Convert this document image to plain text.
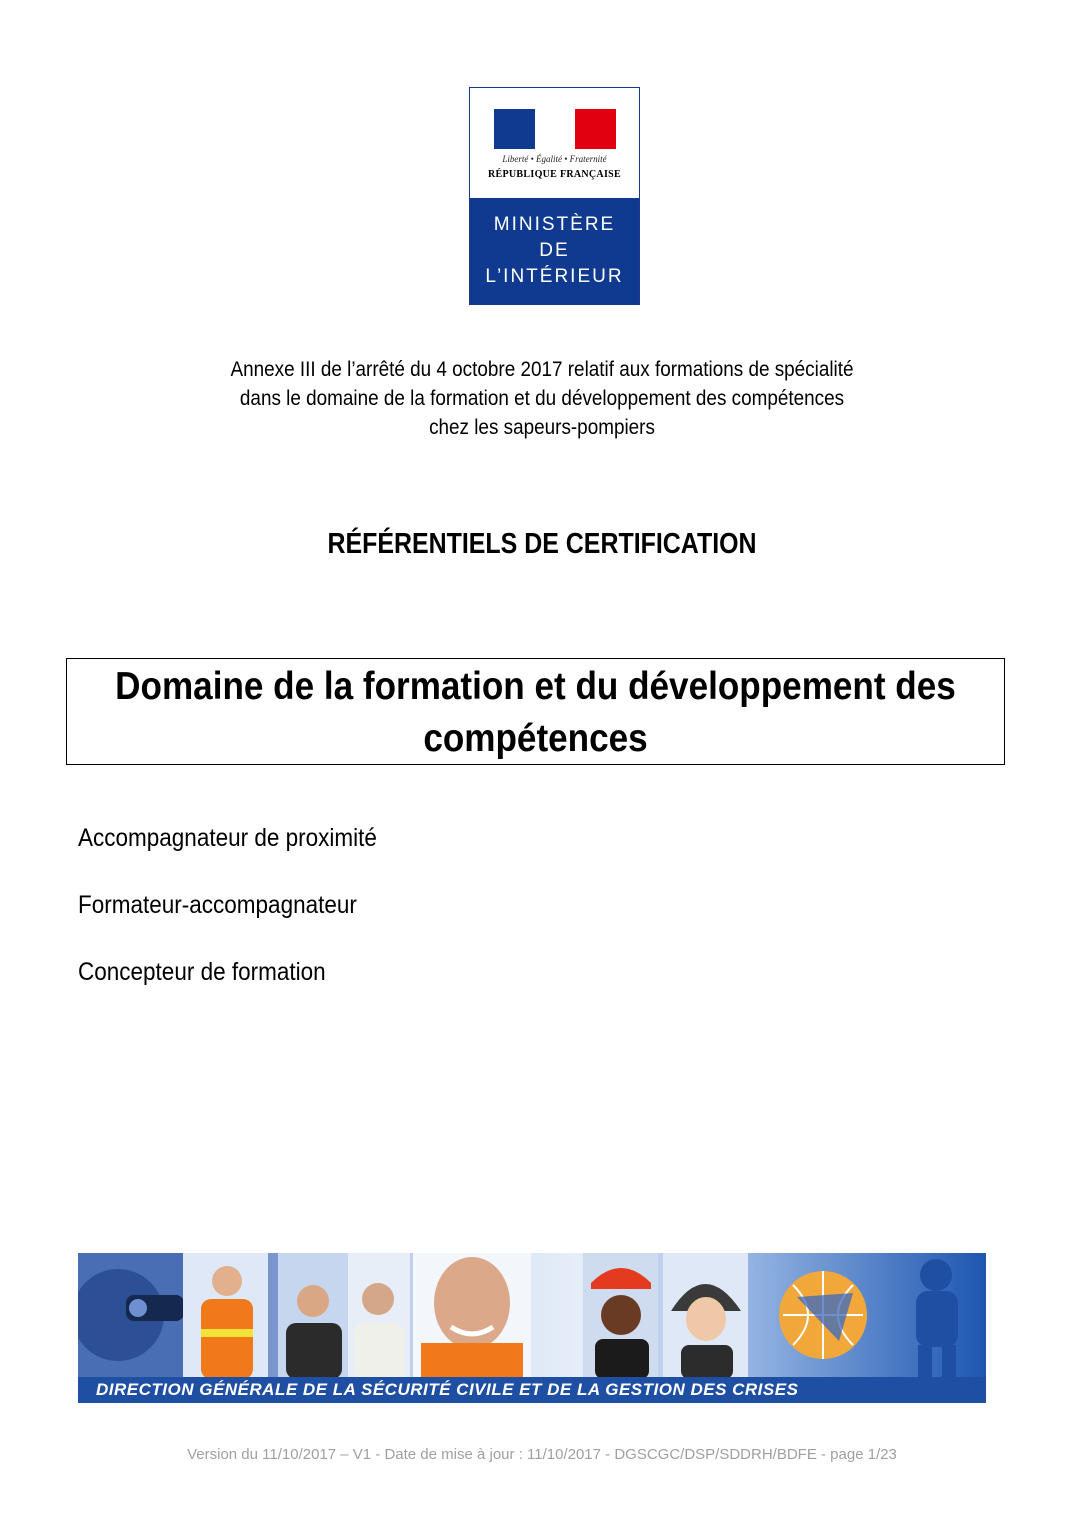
Liberté • Égalité • Fraternité
RÉPUBLIQUE FRANÇAISE
MINISTÈRE
DE
L’INTÉRIEUR
Annexe III de l’arrêté du 4 octobre 2017 relatif aux formations de spécialité
dans le domaine de la formation et du développement des compétences
chez les sapeurs-pompiers
RÉFÉRENTIELS DE CERTIFICATION
Domaine de la formation et du développement des
compétences
Accompagnateur de proximité
Formateur-accompagnateur
Concepteur de formation
DIRECTION GÉNÉRALE DE LA SÉCURITÉ CIVILE ET DE LA GESTION DES CRISES
Version du 11/10/2017 – V1 - Date de mise à jour : 11/10/2017 - DGSCGC/DSP/SDDRH/BDFE - page 1/23
